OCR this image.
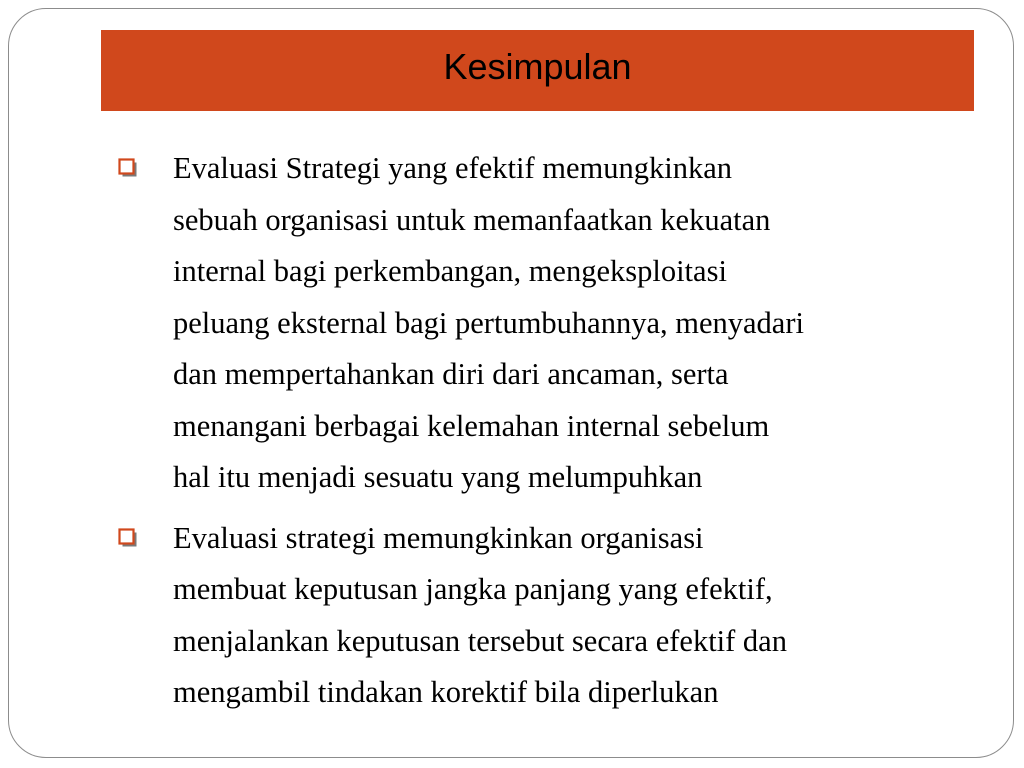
Kesimpulan
Evaluasi Strategi yang efektif memungkinkan
sebuah organisasi untuk memanfaatkan kekuatan
internal bagi perkembangan, mengeksploitasi
peluang eksternal bagi pertumbuhannya, menyadari
dan mempertahankan diri dari ancaman, serta
menangani berbagai kelemahan internal sebelum
hal itu menjadi sesuatu yang melumpuhkan
Evaluasi strategi memungkinkan organisasi
membuat keputusan jangka panjang yang efektif,
menjalankan keputusan tersebut secara efektif dan
mengambil tindakan korektif bila diperlukan
